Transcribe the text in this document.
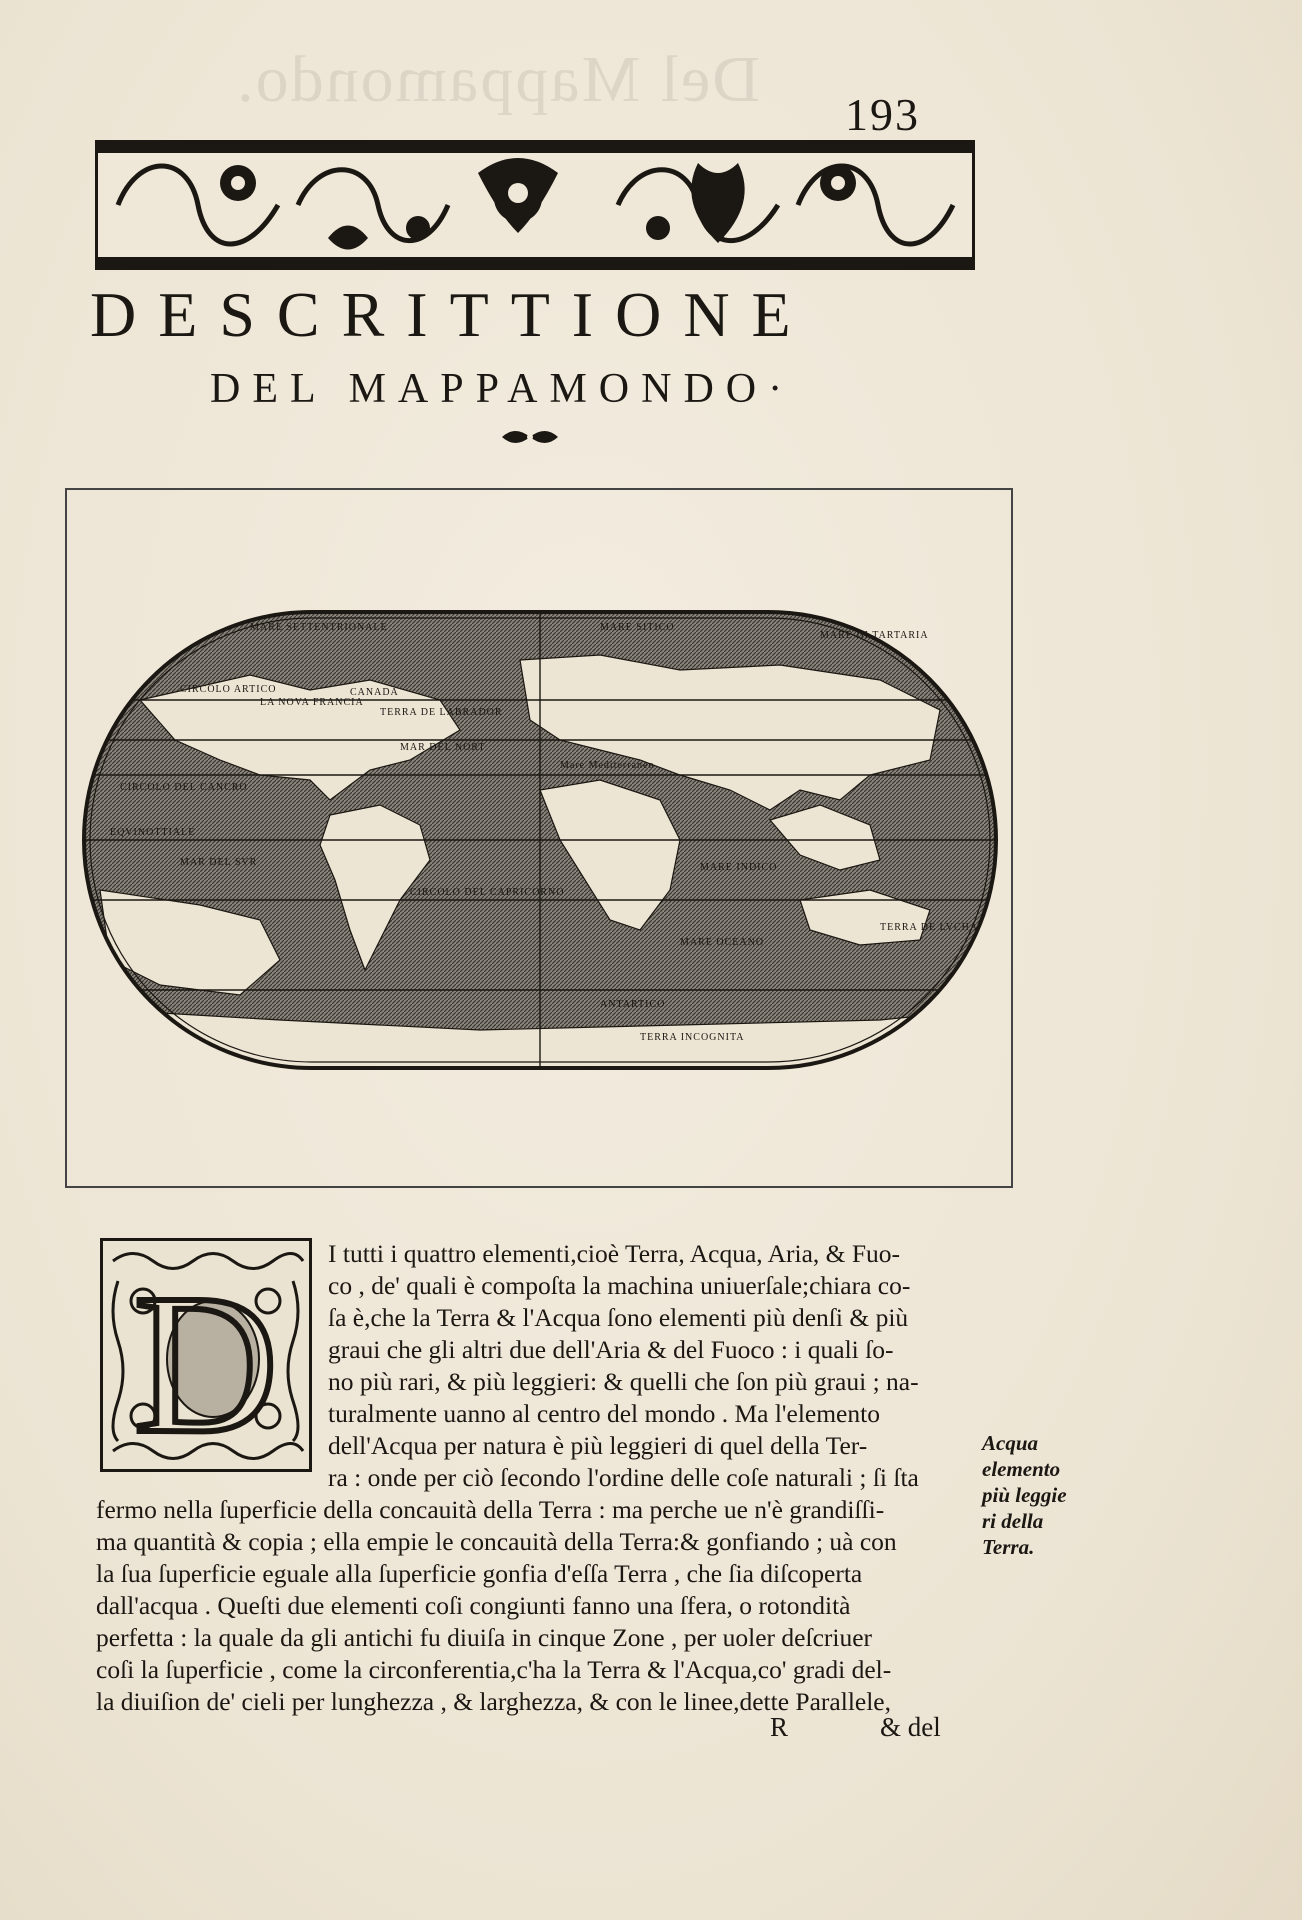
Del Mappamondo. 193
DESCRITTIONE
DEL MAPPAMONDO·
MARE SETTENTRIONALE	MARE SITICO
MARE DI TARTARIA
CIRCOLO ARTICO
LA NOVA FRANCIA
CANADA
TERRA DE LABRADOR
MAR DEL NORT
Mare Mediterraneo
CIRCOLO DEL CANCRO
EQVINOTTIALE
MAR DEL SVR	MARE INDICO
CIRCOLO DEL CAPRICORNO
MARE OCEANO
TERRA DE LVCHA
ANTARTICO
TERRA INCOGNITA
D
I tutti i quattro elementi,cioè Terra, Acqua, Aria, & Fuo-
co , de' quali è compoſta la machina uniuerſale;chiara co-
ſa è,che la Terra & l'Acqua ſono elementi più denſi & più
graui che gli altri due dell'Aria & del Fuoco : i quali ſo-
no più rari, & più leggieri: & quelli che ſon più graui ; na-
turalmente uanno al centro del mondo . Ma l'elemento
dell'Acqua per natura è più leggieri di quel della Ter-
ra : onde per ciò ſecondo l'ordine delle coſe naturali ; ſi ſta
fermo nella ſuperficie della concauità della Terra : ma perche ue n'è grandiſſi-
ma quantità & copia ; ella empie le concauità della Terra:& gonfiando ; uà con
la ſua ſuperficie eguale alla ſuperficie gonfia d'eſſa Terra , che ſia diſcoperta
dall'acqua . Queſti due elementi coſi congiunti fanno una ſfera, o rotondità
perfetta : la quale da gli antichi fu diuiſa in cinque Zone , per uoler deſcriuer
coſi la ſuperficie , come la circonferentia,c'ha la Terra & l'Acqua,co' gradi del-
la diuiſion de' cieli per lunghezza , & larghezza, & con le linee,dette Parallele,
Acqua
elemento
più leggie
ri della
Terra.
R	& del
